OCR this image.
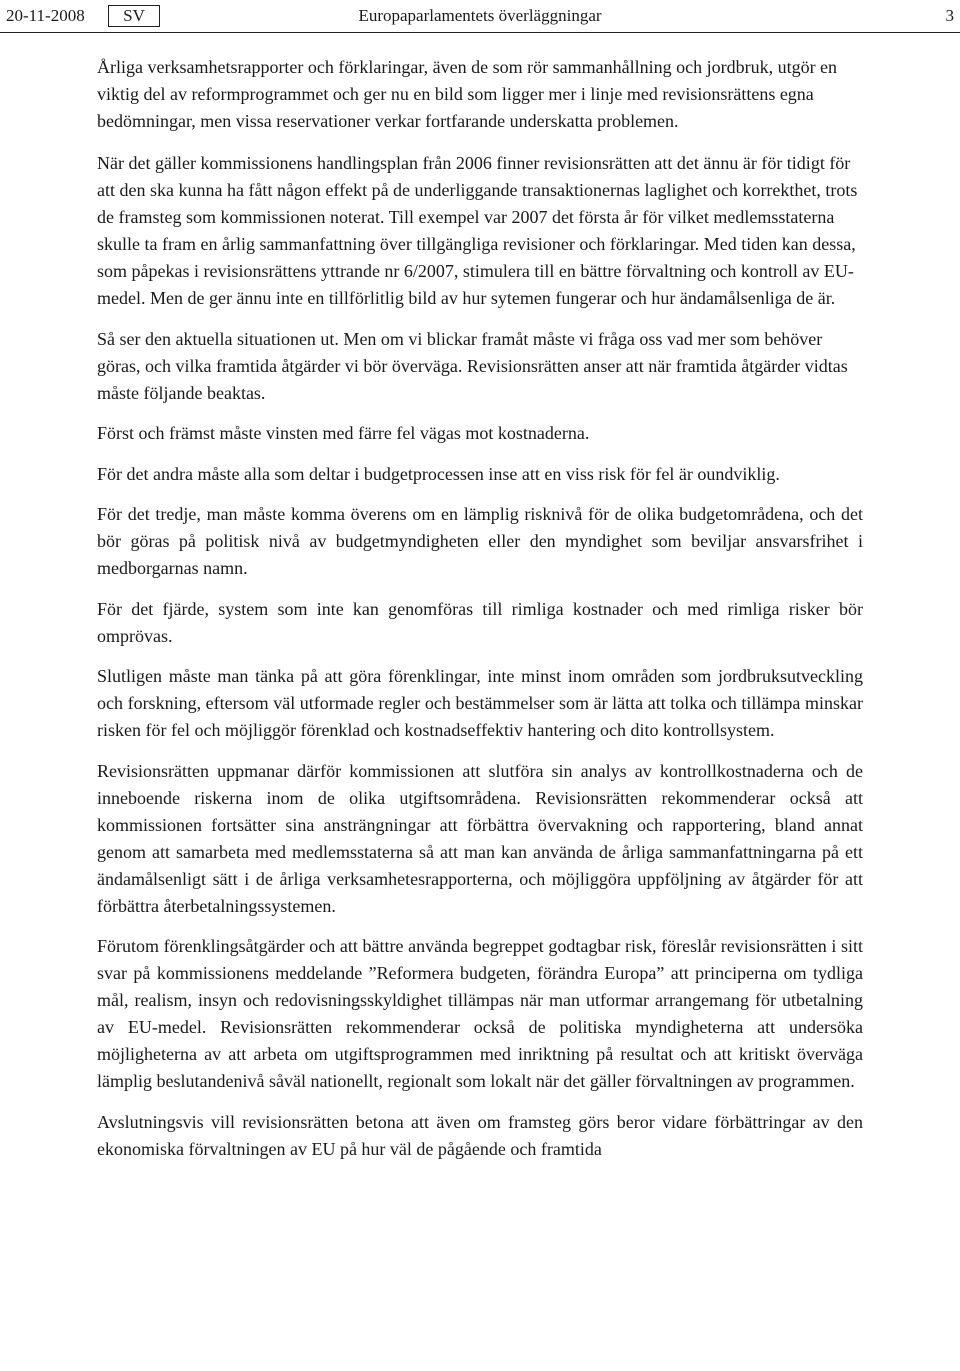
20-11-2008	SV	Europaparlamentets överläggningar	3

Årliga verksamhetsrapporter och förklaringar, även de som rör sammanhållning och jordbruk, utgör en viktig del av reformprogrammet och ger nu en bild som ligger mer i linje med revisionsrättens egna bedömningar, men vissa reservationer verkar fortfarande underskatta problemen.

När det gäller kommissionens handlingsplan från 2006 finner revisionsrätten att det ännu är för tidigt för att den ska kunna ha fått någon effekt på de underliggande transaktionernas laglighet och korrekthet, trots de framsteg som kommissionen noterat. Till exempel var 2007 det första år för vilket medlemsstaterna skulle ta fram en årlig sammanfattning över tillgängliga revisioner och förklaringar. Med tiden kan dessa, som påpekas i revisionsrättens yttrande nr 6/2007, stimulera till en bättre förvaltning och kontroll av EU-medel. Men de ger ännu inte en tillförlitlig bild av hur sytemen fungerar och hur ändamålsenliga de är.

Så ser den aktuella situationen ut. Men om vi blickar framåt måste vi fråga oss vad mer som behöver göras, och vilka framtida åtgärder vi bör överväga. Revisionsrätten anser att när framtida åtgärder vidtas måste följande beaktas.

Först och främst måste vinsten med färre fel vägas mot kostnaderna.

För det andra måste alla som deltar i budgetprocessen inse att en viss risk för fel är oundviklig.

För det tredje, man måste komma överens om en lämplig risknivå för de olika budgetområdena, och det bör göras på politisk nivå av budgetmyndigheten eller den myndighet som beviljar ansvarsfrihet i medborgarnas namn.

För det fjärde, system som inte kan genomföras till rimliga kostnader och med rimliga risker bör omprövas.

Slutligen måste man tänka på att göra förenklingar, inte minst inom områden som jordbruksutveckling och forskning, eftersom väl utformade regler och bestämmelser som är lätta att tolka och tillämpa minskar risken för fel och möjliggör förenklad och kostnadseffektiv hantering och dito kontrollsystem.

Revisionsrätten uppmanar därför kommissionen att slutföra sin analys av kontrollkostnaderna och de inneboende riskerna inom de olika utgiftsområdena. Revisionsrätten rekommenderar också att kommissionen fortsätter sina ansträngningar att förbättra övervakning och rapportering, bland annat genom att samarbeta med medlemsstaterna så att man kan använda de årliga sammanfattningarna på ett ändamålsenligt sätt i de årliga verksamhetesrapporterna, och möjliggöra uppföljning av åtgärder för att förbättra återbetalningssystemen.

Förutom förenklingsåtgärder och att bättre använda begreppet godtagbar risk, föreslår revisionsrätten i sitt svar på kommissionens meddelande ”Reformera budgeten, förändra Europa” att principerna om tydliga mål, realism, insyn och redovisningsskyldighet tillämpas när man utformar arrangemang för utbetalning av EU-medel. Revisionsrätten rekommenderar också de politiska myndigheterna att undersöka möjligheterna av att arbeta om utgiftsprogrammen med inriktning på resultat och att kritiskt överväga lämplig beslutandenivå såväl nationellt, regionalt som lokalt när det gäller förvaltningen av programmen.

Avslutningsvis vill revisionsrätten betona att även om framsteg görs beror vidare förbättringar av den ekonomiska förvaltningen av EU på hur väl de pågående och framtida
